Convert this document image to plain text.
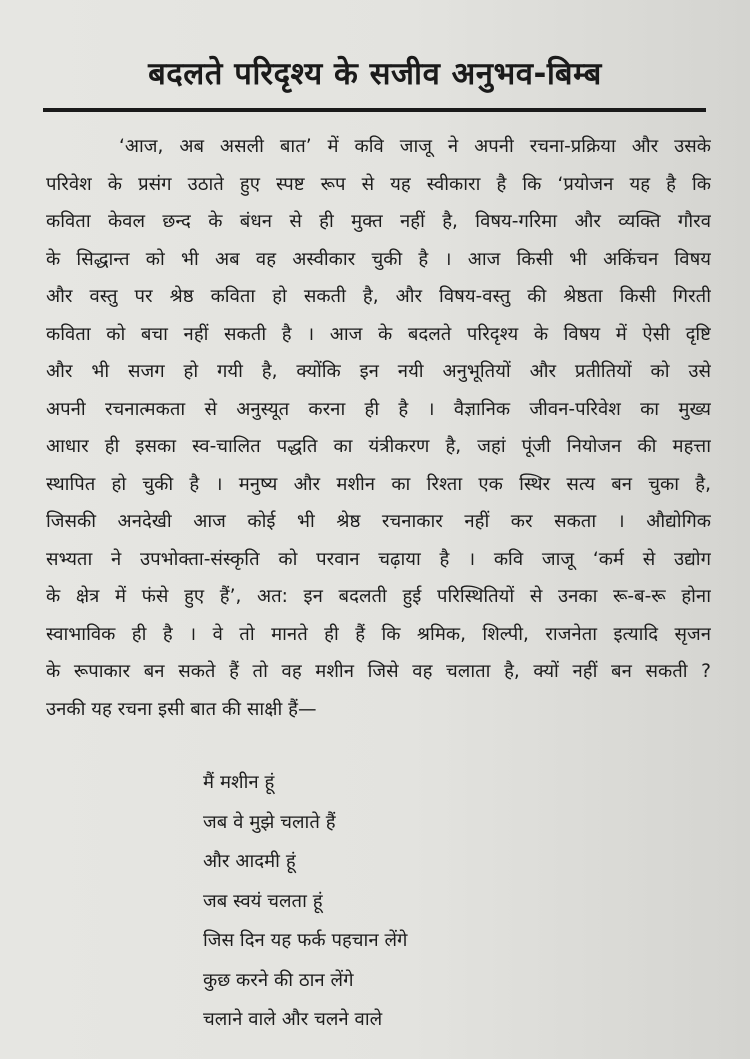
बदलते परिदृश्य के सजीव अनुभव-बिम्ब
‘आज, अब असली बात’ में कवि जाजू ने अपनी रचना-प्रक्रिया और उसके
परिवेश के प्रसंग उठाते हुए स्पष्ट रूप से यह स्वीकारा है कि ‘प्रयोजन यह है कि
कविता केवल छन्द के बंधन से ही मुक्त नहीं है, विषय-गरिमा और व्यक्ति गौरव
के सिद्धान्त को भी अब वह अस्वीकार चुकी है । आज किसी भी अकिंचन विषय
और वस्तु पर श्रेष्ठ कविता हो सकती है, और विषय-वस्तु की श्रेष्ठता किसी गिरती
कविता को बचा नहीं सकती है । आज के बदलते परिदृश्य के विषय में ऐसी दृष्टि
और भी सजग हो गयी है, क्योंकि इन नयी अनुभूतियों और प्रतीतियों को उसे
अपनी रचनात्मकता से अनुस्यूत करना ही है । वैज्ञानिक जीवन-परिवेश का मुख्य
आधार ही इसका स्व-चालित पद्धति का यंत्रीकरण है, जहां पूंजी नियोजन की महत्ता
स्थापित हो चुकी है । मनुष्य और मशीन का रिश्ता एक स्थिर सत्य बन चुका है,
जिसकी अनदेखी आज कोई भी श्रेष्ठ रचनाकार नहीं कर सकता । औद्योगिक
सभ्यता ने उपभोक्ता-संस्कृति को परवान चढ़ाया है । कवि जाजू ‘कर्म से उद्योग
के क्षेत्र में फंसे हुए हैं’, अत: इन बदलती हुई परिस्थितियों से उनका रू-ब-रू होना
स्वाभाविक ही है । वे तो मानते ही हैं कि श्रमिक, शिल्पी, राजनेता इत्यादि सृजन
के रूपाकार बन सकते हैं तो वह मशीन जिसे वह चलाता है, क्यों नहीं बन सकती ?
उनकी यह रचना इसी बात की साक्षी हैं—
मैं मशीन हूं
जब वे मुझे चलाते हैं
और आदमी हूं
जब स्वयं चलता हूं
जिस दिन यह फर्क पहचान लेंगे
कुछ करने की ठान लेंगे
चलाने वाले और चलने वाले
